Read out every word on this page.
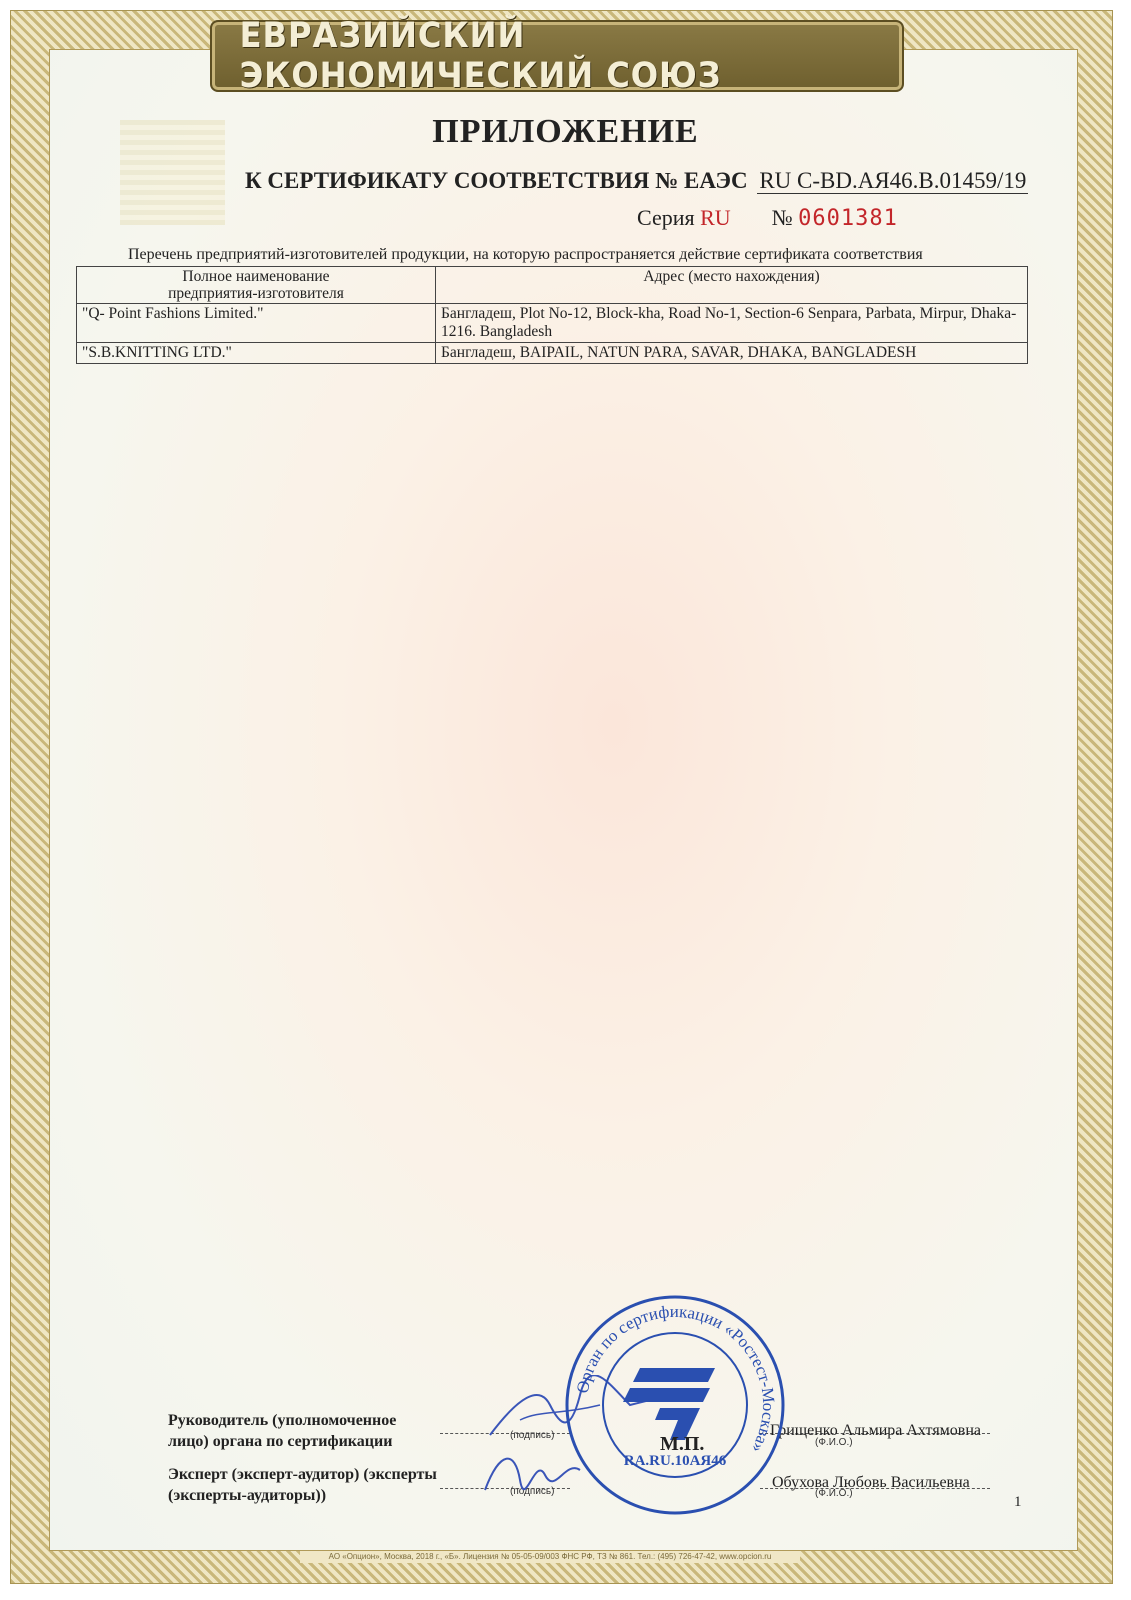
АО «Опцион», Москва, 2018 г., «Б». Лицензия № 05-05-09/003 ФНС РФ, ТЗ № 861. Тел.: (495) 726-47-42, www.opcion.ru
ЕВРАЗИЙСКИЙ ЭКОНОМИЧЕСКИЙ СОЮЗ
ПРИЛОЖЕНИЕ
К СЕРТИФИКАТУ СООТВЕТСТВИЯ № ЕАЭС RU С-BD.АЯ46.B.01459/19
Серия RU № 0601381
Перечень предприятий-изготовителей продукции, на которую распространяется действие сертификата соответствия
Полное наименование предприятия-изготовителя	Адрес (место нахождения)
"Q- Point Fashions Limited."	Бангладеш, Plot No-12, Block-kha, Road No-1, Section-6 Senpara, Parbata, Mirpur, Dhaka-1216. Bangladesh
"S.B.KNITTING LTD."	Бангладеш, BAIPAIL, NATUN PARA, SAVAR, DHAKA, BANGLADESH
Руководитель (уполномоченное лицо) органа по сертификации	(подпись)	Грищенко Альмира Ахтямовна
(Ф.И.О.)
Эксперт (эксперт-аудитор) (эксперты (эксперты-аудиторы))	(подпись)
Обухова Любовь Васильевна
(Ф.И.О.)
Орган по сертификации «Ростест-Москва»
RA.RU.10АЯ46
М.П.
1
